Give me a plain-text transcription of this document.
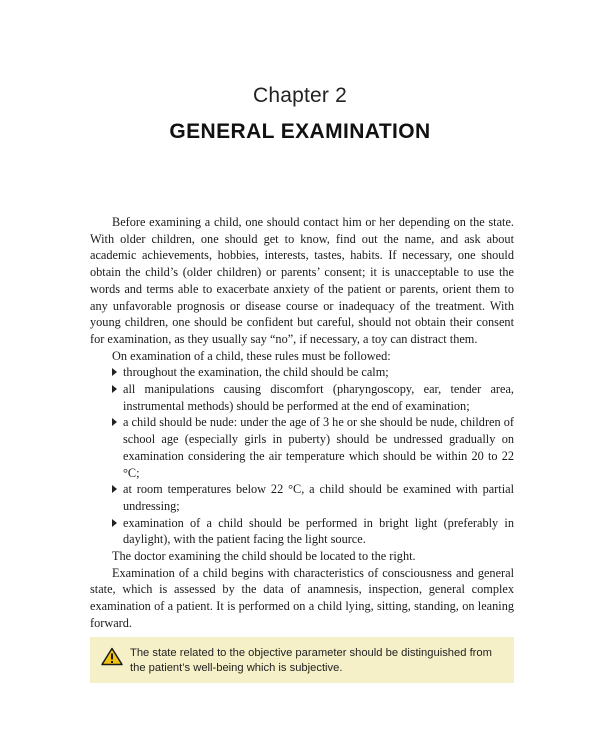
Chapter 2
GENERAL EXAMINATION

Before examining a child, one should contact him or her depending on the state. With older children, one should get to know, find out the name, and ask about academic achievements, hobbies, interests, tastes, habits. If necessary, one should obtain the child’s (older children) or parents’ consent; it is unacceptable to use the words and terms able to exacerbate anxiety of the patient or parents, orient them to any unfavorable prognosis or disease course or inadequacy of the treatment. With young children, one should be confident but careful, should not obtain their consent for examination, as they usually say “no”, if necessary, a toy can distract them.

On examination of a child, these rules must be followed:

throughout the examination, the child should be calm;
all manipulations causing discomfort (pharyngoscopy, ear, tender area, instrumental methods) should be performed at the end of examination;
a child should be nude: under the age of 3 he or she should be nude, children of school age (especially girls in puberty) should be undressed gradually on examination considering the air temperature which should be within 20 to 22 °C;
at room temperatures below 22 °C, a child should be examined with partial undressing;
examination of a child should be performed in bright light (preferably in daylight), with the patient facing the light source.

The doctor examining the child should be located to the right.

Examination of a child begins with characteristics of consciousness and general state, which is assessed by the data of anamnesis, inspection, general complex examination of a patient. It is performed on a child lying, sitting, standing, on leaning forward.

The state related to the objective parameter should be distinguished from the patient’s well-being which is subjective.
